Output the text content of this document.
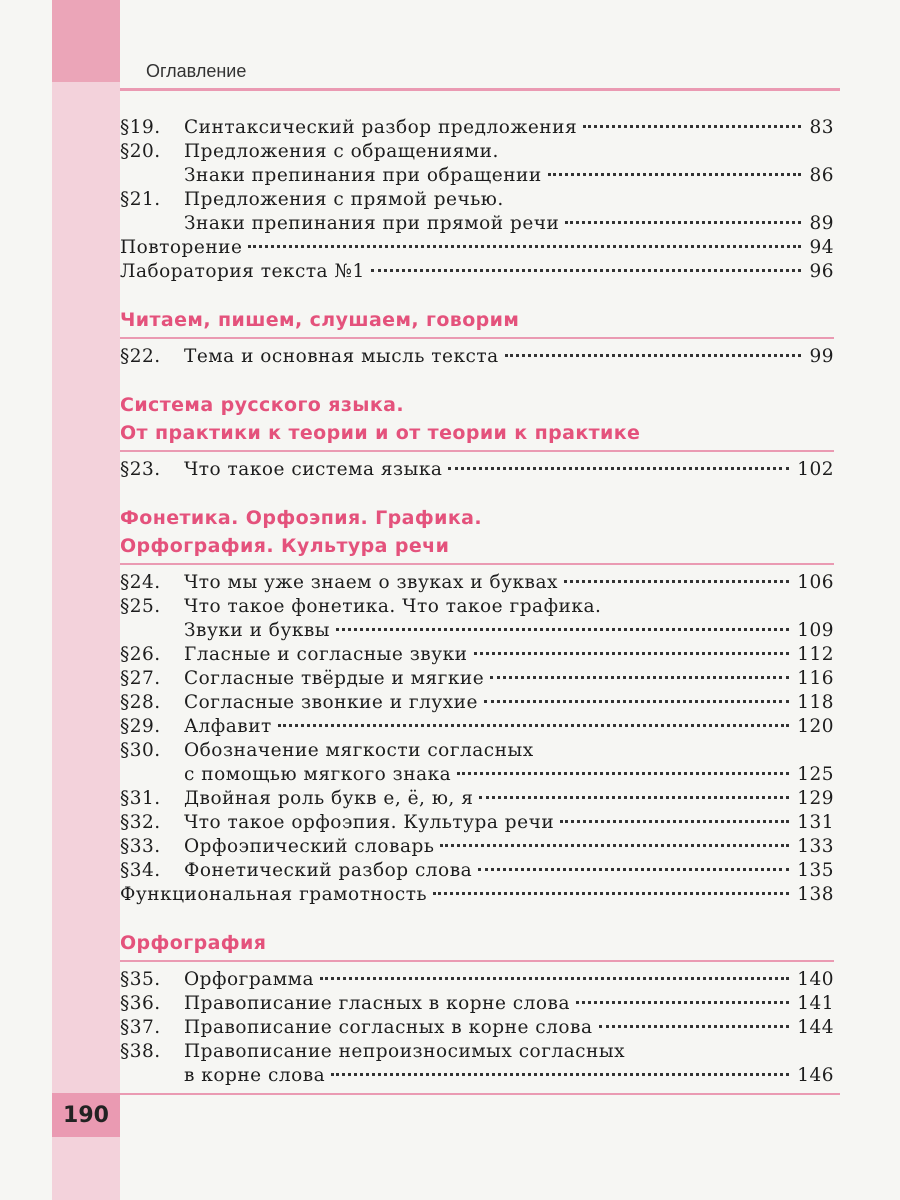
Оглавление
§19. Синтаксический разбор предложения	83
§20. Предложения с обращениями.
Знаки препинания при обращении	86
§21. Предложения с прямой речью.
Знаки препинания при прямой речи	89
Повторение	94
Лаборатория текста №1	96
Читаем, пишем, слушаем, говорим
§22. Тема и основная мысль текста	99
Система русского языка.
От практики к теории и от теории к практике
§23. Что такое система языка	102
Фонетика. Орфоэпия. Графика.
Орфография. Культура речи
§24. Что мы уже знаем о звуках и буквах	106
§25. Что такое фонетика. Что такое графика.
Звуки и буквы	109
§26. Гласные и согласные звуки	112
§27. Согласные твёрдые и мягкие	116
§28. Согласные звонкие и глухие	118
§29. Алфавит	120
§30. Обозначение мягкости согласных
с помощью мягкого знака	125
§31. Двойная роль букв е, ё, ю, я	129
§32. Что такое орфоэпия. Культура речи	131
§33. Орфоэпический словарь	133
§34. Фонетический разбор слова	135
Функциональная грамотность	138
Орфография
§35. Орфограмма	140
§36. Правописание гласных в корне слова	141
§37. Правописание согласных в корне слова	144
§38. Правописание непроизносимых согласных
в корне слова	146
190
